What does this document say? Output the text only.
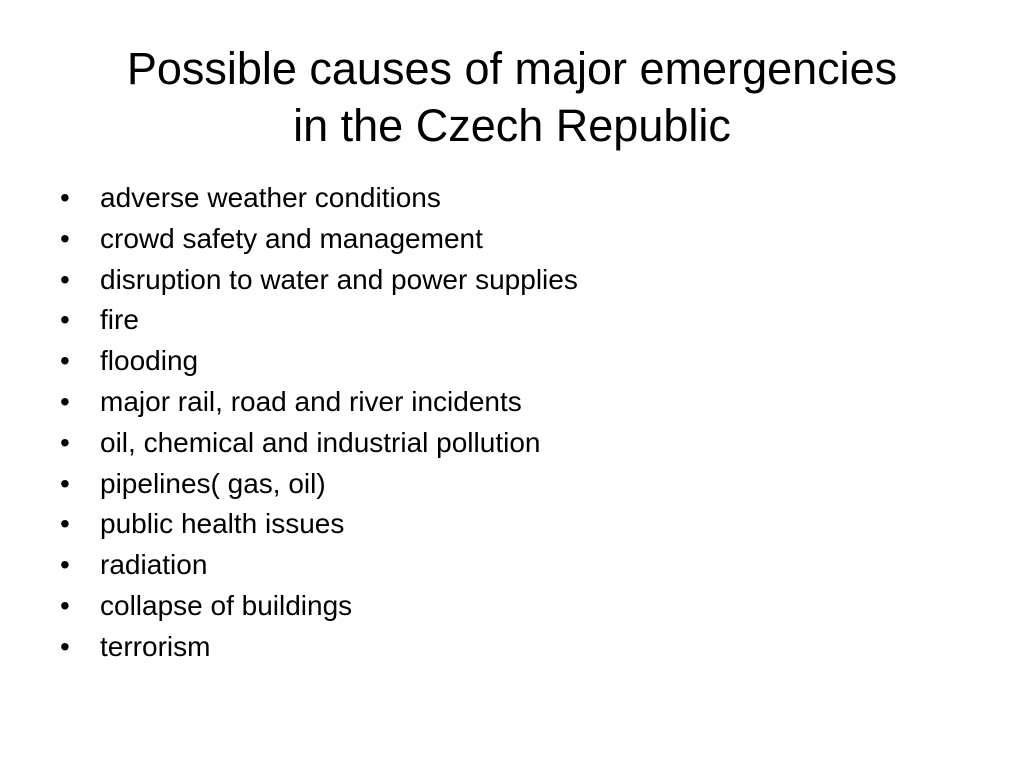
Possible causes of major emergencies
in the Czech Republic
•	adverse weather conditions
•	crowd safety and management
•	disruption to water and power supplies
•	fire
•	flooding
•	major rail, road and river incidents
•	oil, chemical and industrial pollution
•	pipelines( gas, oil)
•	public health issues
•	radiation
•	collapse of buildings
•	terrorism
